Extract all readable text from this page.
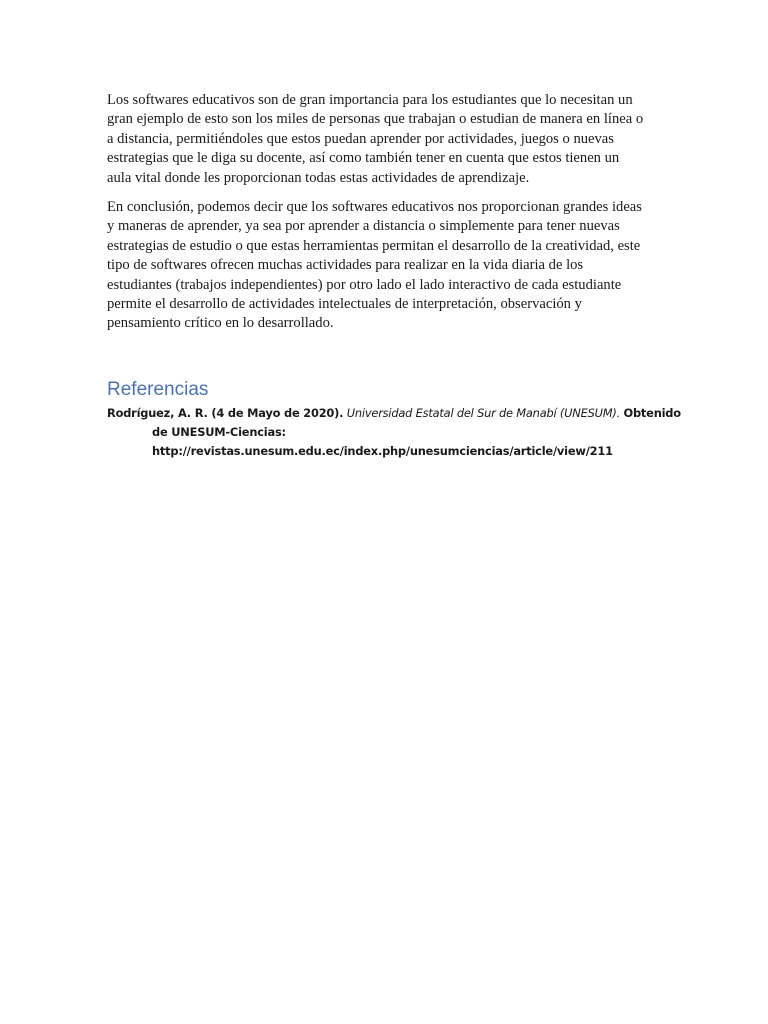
Los softwares educativos son de gran importancia para los estudiantes que lo necesitan un
gran ejemplo de esto son los miles de personas que trabajan o estudian de manera en línea o
a distancia, permitiéndoles que estos puedan aprender por actividades, juegos o nuevas
estrategias que le diga su docente, así como también tener en cuenta que estos tienen un
aula vital donde les proporcionan todas estas actividades de aprendizaje.

En conclusión, podemos decir que los softwares educativos nos proporcionan grandes ideas
y maneras de aprender, ya sea por aprender a distancia o simplemente para tener nuevas
estrategias de estudio o que estas herramientas permitan el desarrollo de la creatividad, este
tipo de softwares ofrecen muchas actividades para realizar en la vida diaria de los
estudiantes (trabajos independientes) por otro lado el lado interactivo de cada estudiante
permite el desarrollo de actividades intelectuales de interpretación, observación y
pensamiento crítico en lo desarrollado.

Referencias
Rodríguez, A. R. (4 de Mayo de 2020). Universidad Estatal del Sur de Manabí (UNESUM). Obtenido
de UNESUM-Ciencias:
http://revistas.unesum.edu.ec/index.php/unesumciencias/article/view/211
